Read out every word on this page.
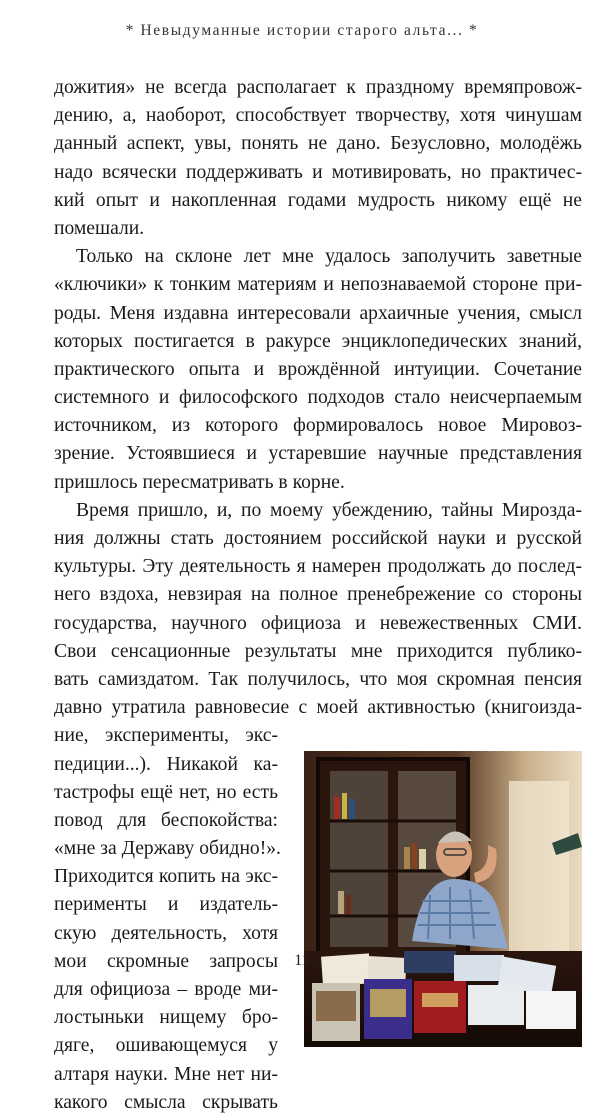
* Невыдуманные истории старого альта... *
дожития» не всегда располагает к праздному времяпровож-
дению, а, наоборот, способствует творчеству, хотя чинушам
данный аспект, увы, понять не дано. Безусловно, молодёжь
надо всячески поддерживать и мотивировать, но практичес-
кий опыт и накопленная годами мудрость никому ещё не
помешали.
Только на склоне лет мне удалось заполучить заветные
«ключики» к тонким материям и непознаваемой стороне при-
роды. Меня издавна интересовали архаичные учения, смысл
которых постигается в ракурсе энциклопедических знаний,
практического опыта и врождённой интуиции. Сочетание
системного и философского подходов стало неисчерпаемым
источником, из которого формировалось новое Мировоз-
зрение. Устоявшиеся и устаревшие научные представления
пришлось пересматривать в корне.
Время пришло, и, по моему убеждению, тайны Мирозда-
ния должны стать достоянием российской науки и русской
культуры. Эту деятельность я намерен продолжать до послед-
него вздоха, невзирая на полное пренебрежение со стороны
государства, научного официоза и невежественных СМИ.
Свои сенсационные результаты мне приходится публико-
вать самиздатом. Так получилось, что моя скромная пенсия
давно утратила равновесие с моей активностью (книгоизда-
ние, эксперименты, экс-
педиции...). Никакой ка-
тастрофы ещё нет, но есть
повод для беспокойства:
«мне за Державу обидно!».
Приходится копить на экс-
перименты и издатель-
скую деятельность, хотя
мои скромные запросы
для официоза – вроде ми-
лостыньки нищему бро-
дяге, ошивающемуся у
алтаря науки. Мне нет ни-
какого смысла скрывать
11
